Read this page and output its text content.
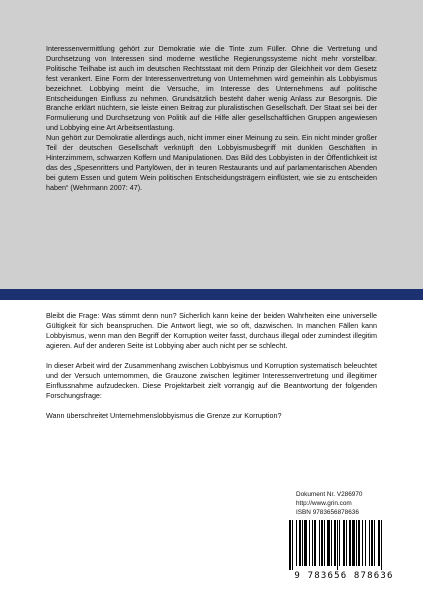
Interessenvermittlung gehört zur Demokratie wie die Tinte zum Füller. Ohne die Vertretung und Durchsetzung von Interessen sind moderne westliche Regierungssysteme nicht mehr vorstellbar. Politische Teilhabe ist auch im deutschen Rechtsstaat mit dem Prinzip der Gleichheit vor dem Gesetz fest verankert. Eine Form der Interessenvertretung von Unternehmen wird gemeinhin als Lobbyismus bezeichnet. Lobbying meint die Versuche, im Interesse des Unternehmens auf politische Entscheidungen Einfluss zu nehmen. Grundsätzlich besteht daher wenig Anlass zur Besorgnis. Die Branche erklärt nüchtern, sie leiste einen Beitrag zur pluralistischen Gesellschaft. Der Staat sei bei der Formulierung und Durchsetzung von Politik auf die Hilfe aller gesellschaftlichen Gruppen angewiesen und Lobbying eine Art Arbeitsentlastung.

Nun gehört zur Demokratie allerdings auch, nicht immer einer Meinung zu sein. Ein nicht minder großer Teil der deutschen Gesellschaft verknüpft den Lobbyismusbegriff mit dunklen Geschäften in Hinterzimmern, schwarzen Koffern und Manipulationen. Das Bild des Lobbyisten in der Öffentlichkeit ist das des „Spesenritters und Partylöwen, der in teuren Restaurants und auf parlamentarischen Abenden bei gutem Essen und gutem Wein politischen Entscheidungsträgern einflüstert, wie sie zu entscheiden haben“ (Wehrmann 2007: 47).

Bleibt die Frage: Was stimmt denn nun? Sicherlich kann keine der beiden Wahrheiten eine universelle Gültigkeit für sich beanspruchen. Die Antwort liegt, wie so oft, dazwischen. In manchen Fällen kann Lobbyismus, wenn man den Begriff der Korruption weiter fasst, durchaus illegal oder zumindest illegitim agieren. Auf der anderen Seite ist Lobbying aber auch nicht per se schlecht.

In dieser Arbeit wird der Zusammenhang zwischen Lobbyismus und Korruption systematisch beleuchtet und der Versuch unternommen, die Grauzone zwischen legitimer Interessenvertretung und illegitimer Einflussnahme aufzudecken. Diese Projektarbeit zielt vorrangig auf die Beantwortung der folgenden Forschungsfrage:

Wann überschreitet Unternehmenslobbyismus die Grenze zur Korruption?

Dokument Nr. V286970
http://www.grin.com
ISBN 9783656878636
9 783656 878636
